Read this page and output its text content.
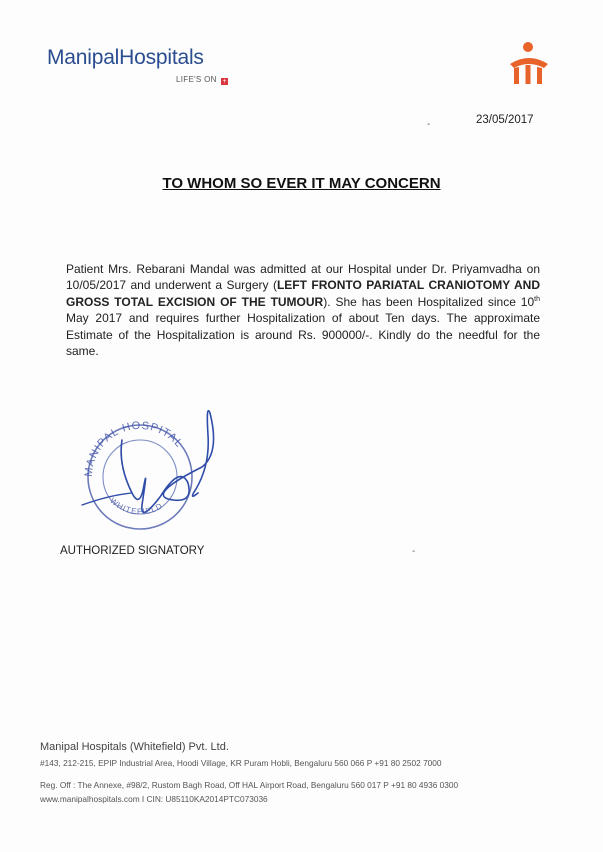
ManipalHospitals
LIFE'S ON +
-	23/05/2017
TO WHOM SO EVER IT MAY CONCERN
Patient Mrs. Rebarani Mandal was admitted at our Hospital under Dr. Priyamvadha on 10/05/2017 and underwent a Surgery (LEFT FRONTO PARIATAL CRANIOTOMY AND GROSS TOTAL EXCISION OF THE TUMOUR). She has been Hospitalized since 10th May 2017 and requires further Hospitalization of about Ten days. The approximate Estimate of the Hospitalization is around Rs. 900000/-. Kindly do the needful for the same.
MANIPAL HOSPITAL
WHITEFIELD
AUTHORIZED SIGNATORY	-
Manipal Hospitals (Whitefield) Pvt. Ltd.
#143, 212-215, EPIP Industrial Area, Hoodi Village, KR Puram Hobli, Bengaluru 560 066 P +91 80 2502 7000
Reg. Off : The Annexe, #98/2, Rustom Bagh Road, Off HAL Airport Road, Bengaluru 560 017 P +91 80 4936 0300
www.manipalhospitals.com I CIN: U85110KA2014PTC073036
